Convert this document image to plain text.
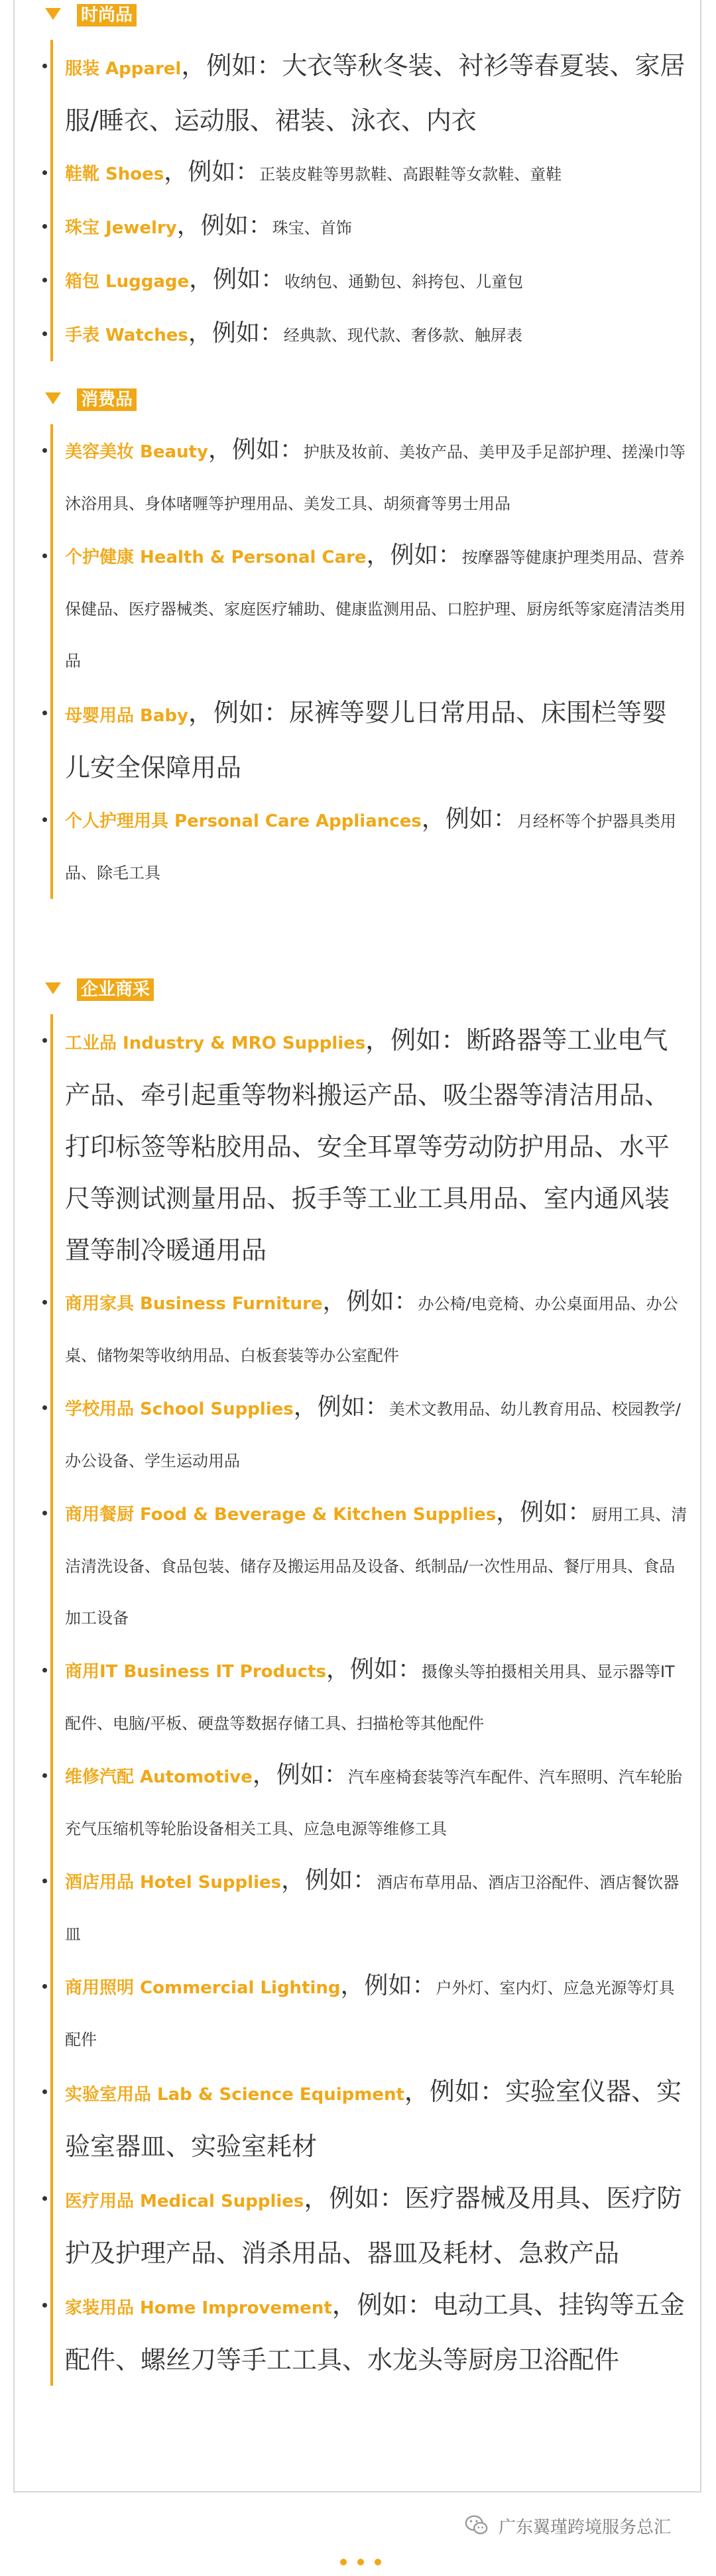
时尚品
服装 Apparel，例如：大衣等秋冬装、衬衫等春夏装、家居服/睡衣、运动服、裙装、泳衣、内衣
鞋靴 Shoes，例如：正装皮鞋等男款鞋、高跟鞋等女款鞋、童鞋
珠宝 Jewelry，例如：珠宝、首饰
箱包 Luggage，例如：收纳包、通勤包、斜挎包、儿童包
手表 Watches，例如：经典款、现代款、奢侈款、触屏表
消费品
美容美妆 Beauty，例如：护肤及妆前、美妆产品、美甲及手足部护理、搓澡巾等沐浴用具、身体啫喱等护理用品、美发工具、胡须膏等男士用品
个护健康 Health & Personal Care，例如：按摩器等健康护理类用品、营养保健品、医疗器械类、家庭医疗辅助、健康监测用品、口腔护理、厨房纸等家庭清洁类用品
母婴用品 Baby，例如：尿裤等婴儿日常用品、床围栏等婴儿安全保障用品
个人护理用具 Personal Care Appliances，例如：月经杯等个护器具类用品、除毛工具
企业商采
工业品 Industry & MRO Supplies，例如：断路器等工业电气产品、牵引起重等物料搬运产品、吸尘器等清洁用品、打印标签等粘胶用品、安全耳罩等劳动防护用品、水平尺等测试测量用品、扳手等工业工具用品、室内通风装置等制冷暖通用品
商用家具 Business Furniture，例如：办公椅/电竞椅、办公桌面用品、办公桌、储物架等收纳用品、白板套装等办公室配件
学校用品 School Supplies，例如：美术文教用品、幼儿教育用品、校园教学/办公设备、学生运动用品
商用餐厨 Food & Beverage & Kitchen Supplies，例如：厨用工具、清洁清洗设备、食品包装、储存及搬运用品及设备、纸制品/一次性用品、餐厅用具、食品加工设备
商用IT Business IT Products，例如：摄像头等拍摄相关用具、显示器等IT配件、电脑/平板、硬盘等数据存储工具、扫描枪等其他配件
维修汽配 Automotive，例如：汽车座椅套装等汽车配件、汽车照明、汽车轮胎充气压缩机等轮胎设备相关工具、应急电源等维修工具
酒店用品 Hotel Supplies，例如：酒店布草用品、酒店卫浴配件、酒店餐饮器皿
商用照明 Commercial Lighting，例如：户外灯、室内灯、应急光源等灯具配件
实验室用品 Lab & Science Equipment，例如：实验室仪器、实验室器皿、实验室耗材
医疗用品 Medical Supplies，例如：医疗器械及用具、医疗防护及护理产品、消杀用品、器皿及耗材、急救产品
家装用品 Home Improvement，例如：电动工具、挂钩等五金配件、螺丝刀等手工工具、水龙头等厨房卫浴配件
广东翼瑾跨境服务总汇
